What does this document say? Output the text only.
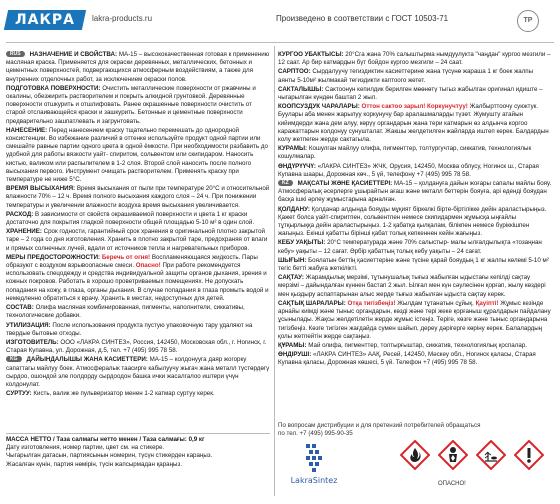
ЛАКРА	lakra-products.ru	Произведено в соответствии с ГОСТ 10503-71	ТР
RUS НАЗНАЧЕНИЕ И СВОЙСТВА: МА-15 – высококачественная готовая к применению масляная краска. Применяется для окраски деревянных, металлических, бетонных и цементных поверхностей, подвергающихся атмосферным воздействиям, а также для внутренних отделочных работ, за исключением окраски полов.
ПОДГОТОВКА ПОВЕРХНОСТИ: Очистить металлические поверхности от ржавчины и окалины, обезжирить растворителем и покрыть алкидной грунтовкой. Деревянные поверхности отшкурить и отшлифовать. Ранее окрашенные поверхности очистить от старой отслаивающейся краски и зашкурить. Бетонные и цементные поверхности предварительно зашпатлевать и загрунтовать.
НАНЕСЕНИЕ: Перед нанесением краску тщательно перемешать до однородной консистенции. Во избежание различий в оттенке используйте продукт одной партии или смешайте равные партии одного цвета в одной ёмкости. При необходимости разбавить до удобной для работы вязкости уайт- спиритом, сольвентом или скипидаром. Наносить кистью, валиком или распылителем в 1-2 слоя. Второй слой наносить после полного высыхания первого. Инструмент очищать растворителем. Применять краску при температуре не ниже 5°C.
ВРЕМЯ ВЫСЫХАНИЯ: Время высыхания от пыли при температуре 20°C и относительной влажности 70% – 12 ч. Время полного высыхания каждого слоя – 24 ч. При понижении температуры и увеличении влажности воздуха время высыхания увеличивается.
РАСХОД: В зависимости от свойств окрашиваемой поверхности и цвета 1 кг краски достаточно для покрытия гладкой поверхности общей площадью 5-10 м² в один слой.
ХРАНЕНИЕ: Срок годности, гарантийный срок хранения в оригинальной плотно закрытой таре – 2 года со дня изготовления. Хранить в плотно закрытой таре, предохраняя от влаги и прямых солнечных лучей, вдали от источников тепла и нагревательных приборов.
МЕРЫ ПРЕДОСТОРОЖНОСТИ: Беречь от огня! Воспламеняющаяся жидкость. Пары образуют с воздухом взрывоопасные смеси. Опасно! При работе рекомендуется использовать спецодежду и средства индивидуальной защиты органов дыхания, зрения и кожных покровов. Работать в хорошо проветриваемых помещениях. Не допускать попадания на кожу, в глаза, органы дыхания. В случае попадания в глаза промыть водой и немедленно обратиться к врачу. Хранить в местах, недоступных для детей.
СОСТАВ: Олифа масляная комбинированная, пигменты, наполнители, сиккативы, технологические добавки.
УТИЛИЗАЦИЯ: После использования продукта пустую упаковочную тару удаляют на твердые бытовые отходы.
ИЗГОТОВИТЕЛЬ: ООО «ЛАКРА СИНТЕЗ», Россия, 142450, Московская обл., г. Ногинск, г. Старая Купавна, ул. Дорожная, д.5, тел. +7 (495) 995 78 58.
KG ДАЙЫНДАЛЫШЫ ЖАНА КАСИЕТТЕРИ: МА-15 – колдонууга даяр жогорку сапаттагы майлуу боек. Атмосфералык таасирге кабылуучу жыгач жана металл түстөрдөгү сырдоо, ошондой эле полдорду сырдоодон башка ички жасалгалоо иштери үчүн колдонулат.
СУРТУУ: Кисть, валик же пульверизатор менен 1-2 катмар суртуу керек.
МАССА НЕТТО / Таза салмагы нетто менен / Таза салмағы: 0,9 кг
Дату изготовления, номер партии, цвет см. на стикере.
Чыгарылган датасын, партиясынын номерин, түсүн стикерден караңыз.
Жасалған күнін, партия нөмірін, түсін жапсырмадан қараңыз.
КУРГОО УБАКТЫСЫ: 20°Сга жана 70% салыштырма нымдуулукта "чаңдан" кургоо мезгили – 12 саат. Ар бир катмардын бүт бойдон кургоо мезгили – 24 саат.
САРПТОО: Сырдалуучу тегиздиктин касиеттерине жана түсүнө жараша 1 кг боек жалпы аянты 5-10м² жылмакай тегиздикти каптоого жетет.
САКТАЛЫШЫ: Сактоонун кепилдик берилген мөөнөтү тыгыз жабылган оригинал идиште – чыгарылган күндөн баштап 2 жыл.
КООПСУЗДУК ЧАРАЛАРЫ: Оттон сактоо зарыл! Коркунучтуу! Жалбырттоочу суюктук. Буулары аба менен жарылуу коркунучу бар аралашмаларды түзөт. Жумушту атайын кийимдерди жана дем алуу, көрүү органдарын жана тери катмарын өз алдынча коргоо каражаттарын колдонуу сунушталат. Жакшы желдетилген жайларда иштеп керек. Балдардын колу жетпеген жерде сактагыла.
КУРАМЫ: Кошулган майлуу олифа, пигменттер, толтургучтар, сиккатив, технологиялык кошулмалар.
ӨНДҮРҮҮЧҮ: «ЛАКРА СИНТЕЗ» ЖЧК, Орусия, 142450, Москва облусу, Ногинск ш., Старая Купавна шаары, Дорожная көч., 5 үй, телефону +7 (495) 995 78 58.
KZ МАҚСАТЫ ЖӘНЕ ҚАСИЕТТЕРІ: МА-15 – қолдануға дайын жоғары сапалы майлы бояу. Атмосфералық әсерлерге ұшырайтын ағаш және металл беттерін бояуға, арі еденді бояудан басқа ішкі әрлеу жұмыстарына арналған.
ҚОЛДАНУ: Қолданар алдында бояуды мұқият біркелкі бірте-біртілікке дейін араластырыңыз. Қажет болса уайт-спиритпен, сольвентпен немесе скипидармен жұмысқа ыңғайлы тұтқырлыққа дейін араластырыңыз. 1-2 қабатқа қылқалам, білікпен немесе бүріккішпен жағыңыз. Екінші қабатты бірінші қабат толық кепкеннен кейін жағыңыз.
КЕБУ УАҚЫТЫ: 20°C температурада және 70% салыстыр- малы ылғалдылықта «тозаңнан кебу» уақыты – 12 сағат. Әрбір қабаттың толық кебу уақыты – 24 сағат.
ШЫҒЫН: Боялатын беттің қасиеттеріне және түсіне қарай бояудың 1 кг жалпы көлемі 5-10 м² тегіс бетті жабуға жеткілікті.
САҚТАУ: Жарамдылық мерзімі, тұтынушалық тығыз жабылған ыдыстағы кепілді сақтау мерзімі – дайындалған күннен бастап 2 жыл. Ылғал мен күн сәулесінен қорғап, жылу көздері мен қыздыру аспаптарынан алыс жерде тығыз жабылған ыдыста сақтау керек.
САҚТЫҚ ШАРАЛАРЫ: Отқа тигізбеңіз! Жылдам тұтанатын сұйық. Қауіпті! Жұмыс кезінде арнайы киімді және тыныс органдарын, көзді және тері жеке қорғаныш құралдарын пайдалану ұсынылады. Жақсы желдетілетін жерде жұмыс істеңіз. Теріге, көзге және тыныс органдарына тигізбеңіз. Көзге тигізген жағдайда сумен шайып, дереу дәрігерге көріну керек. Балалардың қолы жетпейтін жерде сақтаңыз.
ҚҰРАМЫ: Май олифа, пигменттер, толтырғыштар, сиккатив, технологиялық қоспалар.
ӨНДІРУШІ: «ЛАКРА СИНТЕЗ» ААҚ, Ресей, 142450, Мәскеу обл., Ногинск қаласы, Старая Купавна қаласы, Дорожная көшесі, 5 үй. Телефон +7 (495) 995 78 58.
По вопросам дистрибуции и для претензий потребителей обращаться
по тел. +7 (495) 995-90-35
LakraSintez	ОПАСНО!
